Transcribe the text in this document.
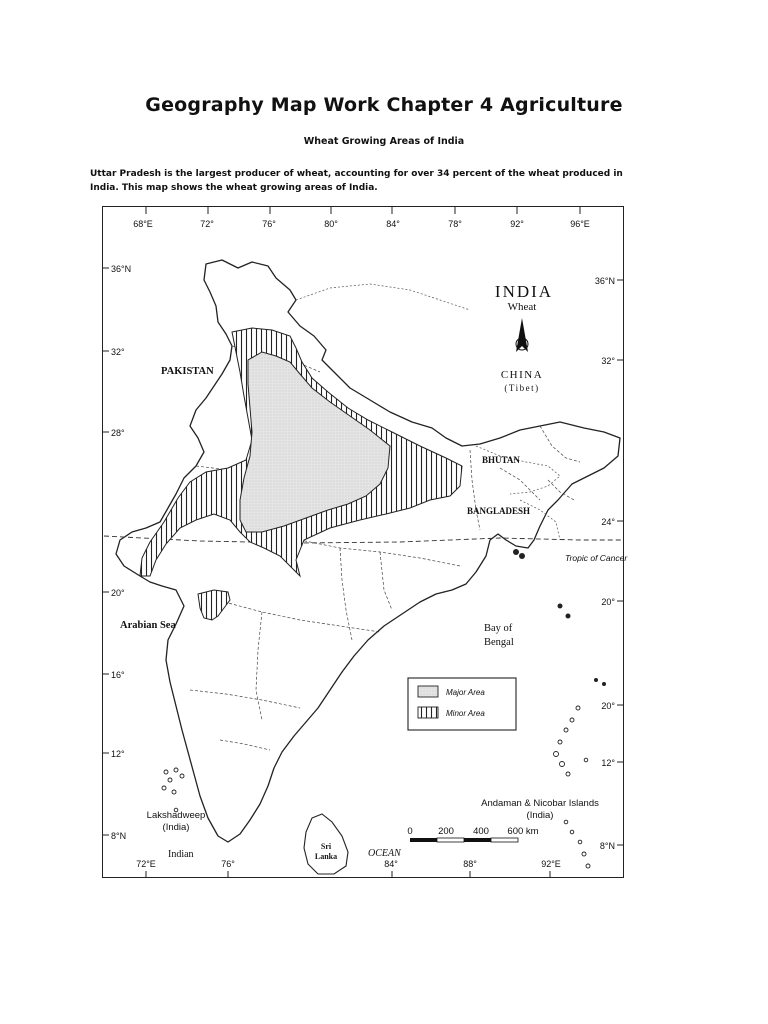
Geography Map Work Chapter 4 Agriculture
Wheat Growing Areas of India
Uttar Pradesh is the largest producer of wheat, accounting for over 34 percent of the wheat produced in
India. This map shows the wheat growing areas of India.
68°E	72°	76°	80°	84°	78°	92°	96°E
72°E	76°	84°	88°	92°E
36°N
32°
28°
20°
16°
12°
8°N
36°N
32°
24°
20°
20°
12°
8°N
Tropic of Cancer
INDIA
Wheat
PAKISTAN	CHINA
(Tibet)
BHUTAN
BANGLADESH
Arabian Sea	Bay of
Bengal
Indian	OCEAN
Sri
Lanka
Lakshadweep
(India)
Andaman & Nicobar Islands
(India)
Major Area
Minor Area
0	200 400 600 km
